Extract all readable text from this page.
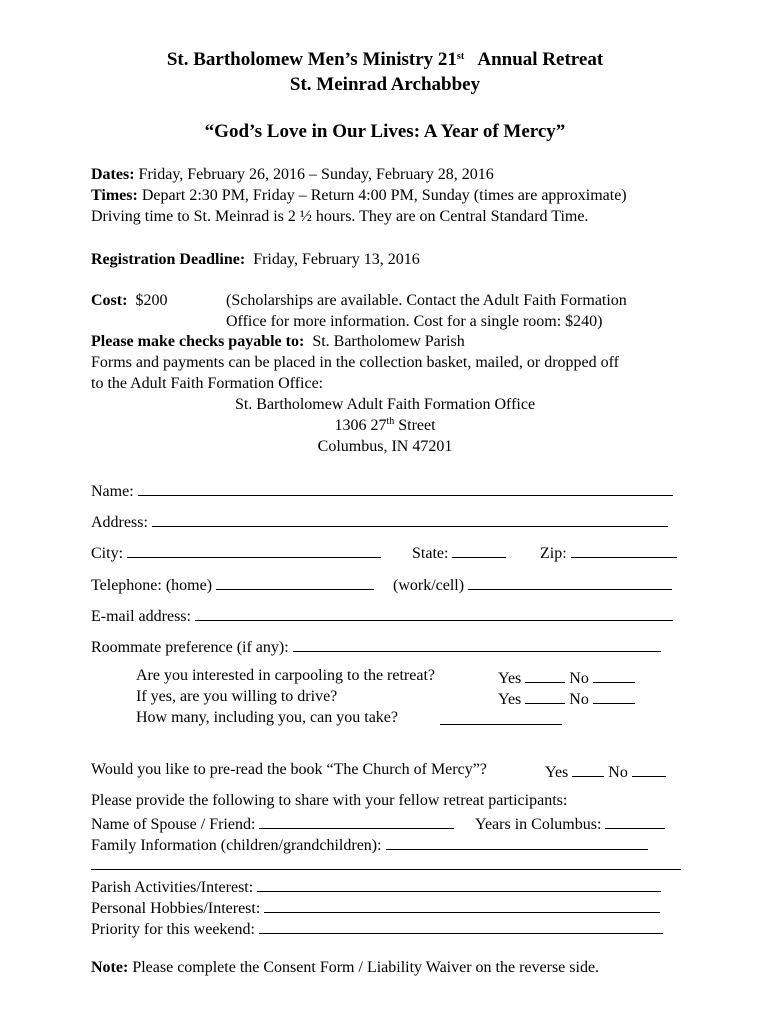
St. Bartholomew Men’s Ministry 21st Annual Retreat
St. Meinrad Archabbey
“God’s Love in Our Lives: A Year of Mercy”
Dates: Friday, February 26, 2016 – Sunday, February 28, 2016
Times: Depart 2:30 PM, Friday – Return 4:00 PM, Sunday (times are approximate)
Driving time to St. Meinrad is 2 ½ hours. They are on Central Standard Time.
Registration Deadline: Friday, February 13, 2016
Cost: $200	(Scholarships are available. Contact the Adult Faith Formation
Office for more information. Cost for a single room: $240)
Please make checks payable to: St. Bartholomew Parish
Forms and payments can be placed in the collection basket, mailed, or dropped off
to the Adult Faith Formation Office:
St. Bartholomew Adult Faith Formation Office
1306 27th Street
Columbus, IN 47201
Name:
Address:
City:	State:	Zip:
Telephone: (home)	(work/cell)
E-mail address:
Roommate preference (if any):
Are you interested in carpooling to the retreat?	Yes	No
If yes, are you willing to drive?	Yes	No
How many, including you, can you take?
Would you like to pre-read the book “The Church of Mercy”?	Yes	No
Please provide the following to share with your fellow retreat participants:
Name of Spouse / Friend:	Years in Columbus:
Family Information (children/grandchildren):
Parish Activities/Interest:
Personal Hobbies/Interest:
Priority for this weekend:
Note: Please complete the Consent Form / Liability Waiver on the reverse side.
